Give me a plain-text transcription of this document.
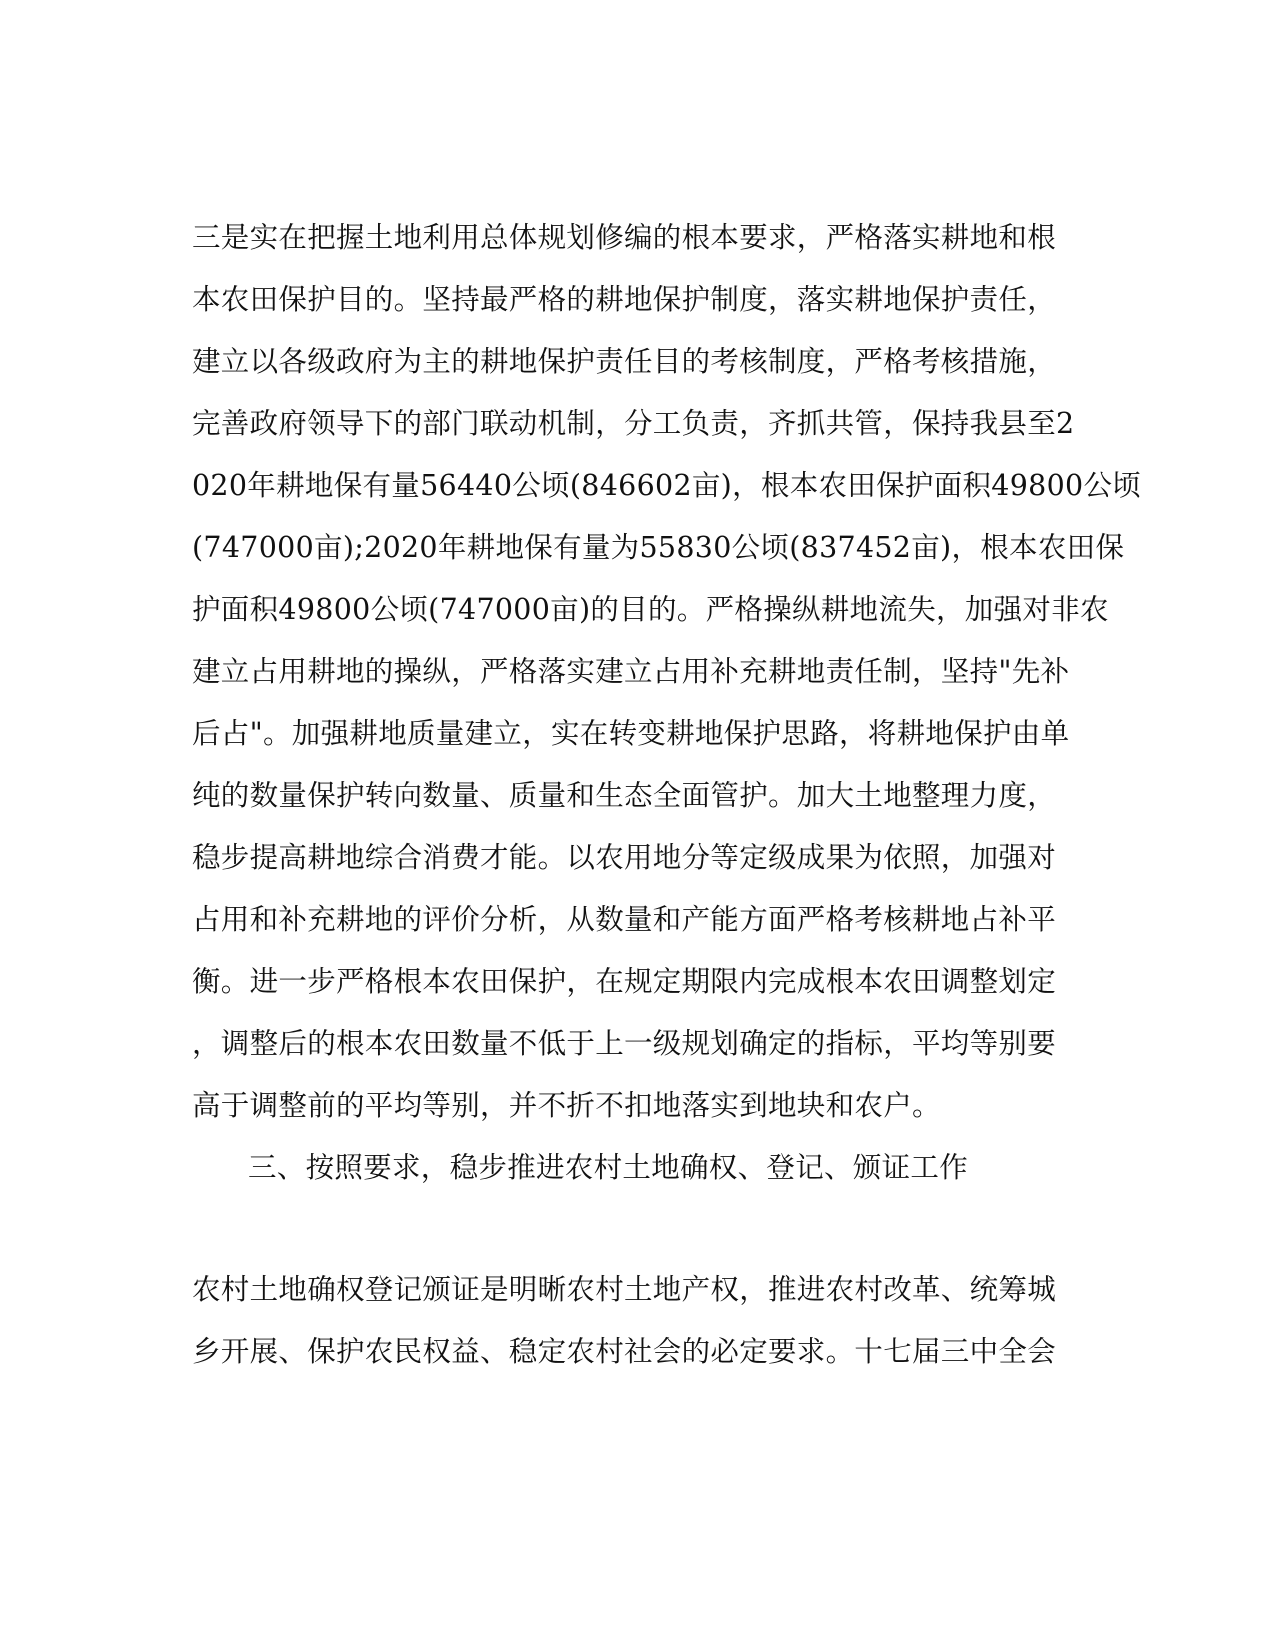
三是实在把握土地利用总体规划修编的根本要求，严格落实耕地和根
本农田保护目的。坚持最严格的耕地保护制度，落实耕地保护责任，
建立以各级政府为主的耕地保护责任目的考核制度，严格考核措施，
完善政府领导下的部门联动机制，分工负责，齐抓共管，保持我县至2
020年耕地保有量56440公顷(846602亩)，根本农田保护面积49800公顷
(747000亩);2020年耕地保有量为55830公顷(837452亩)，根本农田保
护面积49800公顷(747000亩)的目的。严格操纵耕地流失，加强对非农
建立占用耕地的操纵，严格落实建立占用补充耕地责任制，坚持"先补
后占"。加强耕地质量建立，实在转变耕地保护思路，将耕地保护由单
纯的数量保护转向数量、质量和生态全面管护。加大土地整理力度，
稳步提高耕地综合消费才能。以农用地分等定级成果为依照，加强对
占用和补充耕地的评价分析，从数量和产能方面严格考核耕地占补平
衡。进一步严格根本农田保护，在规定期限内完成根本农田调整划定
，调整后的根本农田数量不低于上一级规划确定的指标，平均等别要
高于调整前的平均等别，并不折不扣地落实到地块和农户。
三、按照要求，稳步推进农村土地确权、登记、颁证工作
农村土地确权登记颁证是明晰农村土地产权，推进农村改革、统筹城
乡开展、保护农民权益、稳定农村社会的必定要求。十七届三中全会
